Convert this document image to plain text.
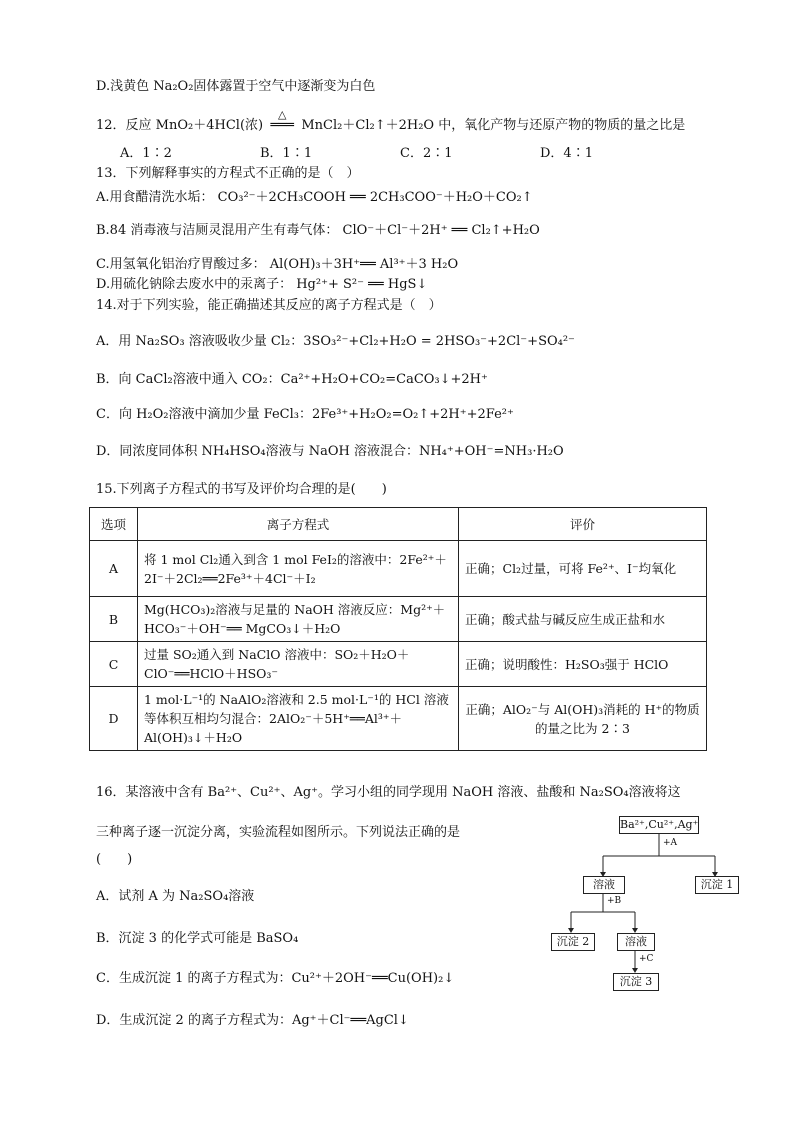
D.浅黄色 Na₂O₂固体露置于空气中逐渐变为白色
12．反应 MnO₂＋4HCl(浓)
△
═══ MnCl₂＋Cl₂↑＋2H₂O 中，氧化产物与还原产物的物质的量之比是
A．1∶2	B．1∶1	C．2∶1	D．4∶1
13．下列解释事实的方程式不正确的是（　）
A.用食醋清洗水垢： CO₃²⁻＋2CH₃COOH ══ 2CH₃COO⁻＋H₂O＋CO₂↑
B.84 消毒液与洁厕灵混用产生有毒气体： ClO⁻＋Cl⁻＋2H⁺ ══ Cl₂↑+H₂O
C.用氢氧化铝治疗胃酸过多： Al(OH)₃＋3H⁺══ Al³⁺＋3 H₂O
D.用硫化钠除去废水中的汞离子： Hg²⁺+ S²⁻ ══ HgS↓
14.对于下列实验，能正确描述其反应的离子方程式是（　）
A．用 Na₂SO₃ 溶液吸收少量 Cl₂：3SO₃²⁻+Cl₂+H₂O = 2HSO₃⁻+2Cl⁻+SO₄²⁻
B．向 CaCl₂溶液中通入 CO₂：Ca²⁺+H₂O+CO₂=CaCO₃↓+2H⁺
C．向 H₂O₂溶液中滴加少量 FeCl₃：2Fe³⁺+H₂O₂=O₂↑+2H⁺+2Fe²⁺
D．同浓度同体积 NH₄HSO₄溶液与 NaOH 溶液混合：NH₄⁺+OH⁻=NH₃·H₂O
15.下列离子方程式的书写及评价均合理的是(　　)
选项	离子方程式	评价
A	将 1 mol Cl₂通入到含 1 mol FeI₂的溶液中：2Fe²⁺＋2I⁻＋2Cl₂══2Fe³⁺＋4Cl⁻＋I₂	正确；Cl₂过量，可将 Fe²⁺、I⁻均氧化
B	Mg(HCO₃)₂溶液与足量的 NaOH 溶液反应：Mg²⁺＋HCO₃⁻＋OH⁻══ MgCO₃↓＋H₂O	正确；酸式盐与碱反应生成正盐和水
C	过量 SO₂通入到 NaClO 溶液中：SO₂＋H₂O＋ClO⁻══HClO＋HSO₃⁻	正确；说明酸性：H₂SO₃强于 HClO
D	1 mol·L⁻¹的 NaAlO₂溶液和 2.5 mol·L⁻¹的 HCl 溶液等体积互相均匀混合：2AlO₂⁻＋5H⁺══Al³⁺＋Al(OH)₃↓＋H₂O	正确；AlO₂⁻与 Al(OH)₃消耗的 H⁺的物质的量之比为 2∶3
16．某溶液中含有 Ba²⁺、Cu²⁺、Ag⁺。学习小组的同学现用 NaOH 溶液、盐酸和 Na₂SO₄溶液将这
三种离子逐一沉淀分离，实验流程如图所示。下列说法正确的是
(　　)
A．试剂 A 为 Na₂SO₄溶液
B．沉淀 3 的化学式可能是 BaSO₄
C．生成沉淀 1 的离子方程式为：Cu²⁺＋2OH⁻══Cu(OH)₂↓
D．生成沉淀 2 的离子方程式为：Ag⁺＋Cl⁻══AgCl↓
Ba²⁺,Cu²⁺,Ag⁺
+A
溶液	沉淀 1
+B
沉淀 2	溶液
+C
沉淀 3
